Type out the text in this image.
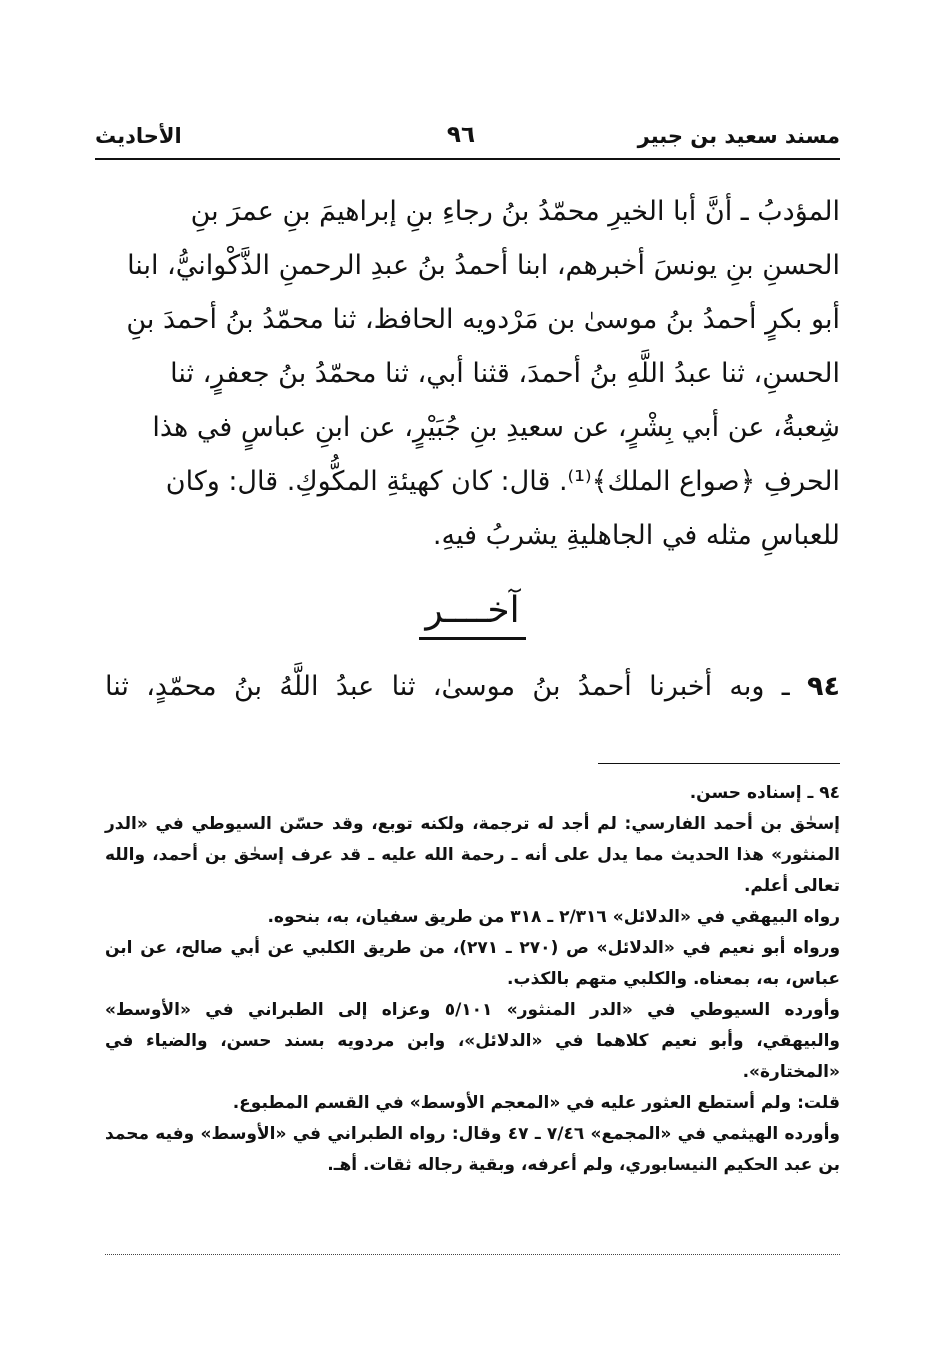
مسند سعيد بن جبير
٩٦
الأحاديث

المؤدبُ ـ أنَّ أبا الخيرِ محمّدُ بنُ رجاءِ بنِ إبراهيمَ بنِ عمرَ بنِ الحسنِ بنِ يونسَ أخبرهم، ابنا أحمدُ بنُ عبدِ الرحمنِ الذَّكْوانيُّ، ابنا أبو بكرٍ أحمدُ بنُ موسىٰ بن مَرْدويه الحافظ، ثنا محمّدُ بنُ أحمدَ بنِ الحسنِ، ثنا عبدُ اللَّهِ بنُ أحمدَ، قثنا أبي، ثنا محمّدُ بنُ جعفرٍ، ثنا شِعبةُ، عن أبي بِشْرٍ، عن سعيدِ بنِ جُبَيْرٍ، عن ابنِ عباسٍ في هذا الحرفِ ﴿صواع الملك﴾⁽¹⁾. قال: كان كهيئةِ المكُّوكِ. قال: وكان للعباسِ مثله في الجاهليةِ يشربُ فيهِ.

آخــــر
٩٤ ـ وبه أخبرنا أحمدُ بنُ موسىٰ، ثنا عبدُ اللَّهُ بنُ محمّدٍ، ثنا

٩٤ ـ إسناده حسن.

إسحٰق بن أحمد الفارسي: لم أجد له ترجمة، ولكنه توبع، وقد حسّن السيوطي في «الدر المنثور» هذا الحديث مما يدل على أنه ـ رحمة الله عليه ـ قد عرف إسحٰق بن أحمد، والله تعالى أعلم.

رواه البيهقي في «الدلائل» ٢/٣١٦ ـ ٣١٨ من طريق سفيان، به، بنحوه.

ورواه أبو نعيم في «الدلائل» ص (٢٧٠ ـ ٢٧١)، من طريق الكلبي عن أبي صالح، عن ابن عباس، به، بمعناه. والكلبي متهم بالكذب.

وأورده السيوطي في «الدر المنثور» ٥/١٠١ وعزاه إلى الطبراني في «الأوسط» والبيهقي، وأبو نعيم كلاهما في «الدلائل»، وابن مردويه بسند حسن، والضياء في «المختارة».

قلت: ولم أستطع العثور عليه في «المعجم الأوسط» في القسم المطبوع.

وأورده الهيثمي في «المجمع» ٧/٤٦ ـ ٤٧ وقال: رواه الطبراني في «الأوسط» وفيه محمد بن عبد الحكيم النيسابوري، ولم أعرفه، وبقية رجاله ثقات. أهـ.
